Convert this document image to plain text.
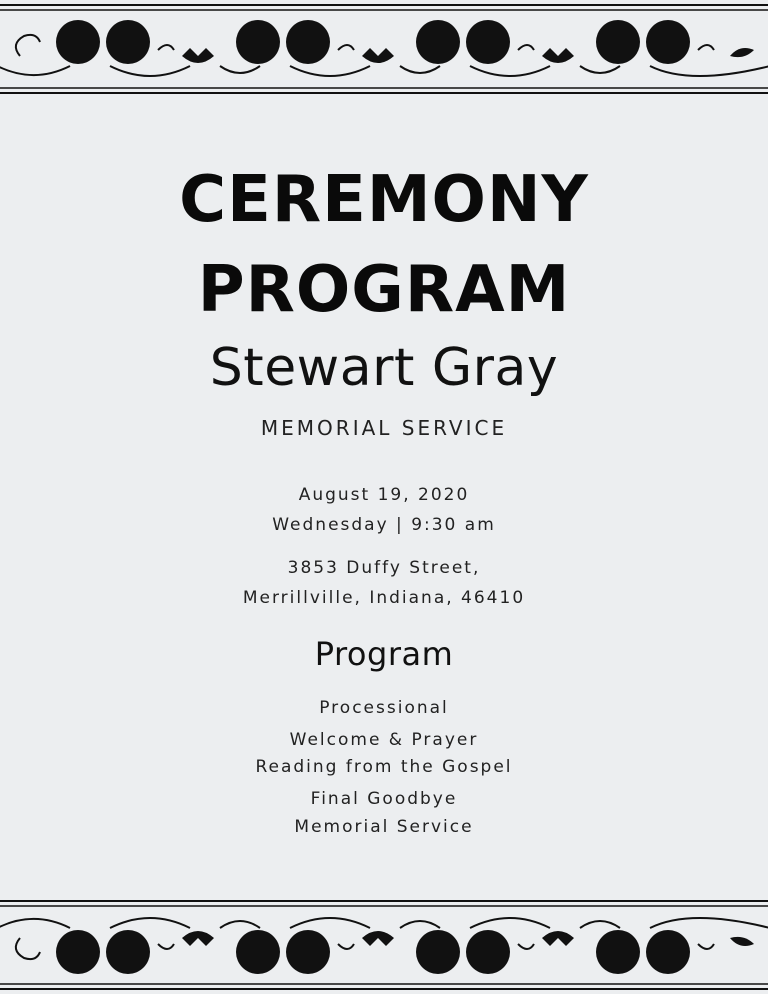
CEREMONY

PROGRAM

Stewart Gray

MEMORIAL SERVICE

August 19, 2020

Wednesday | 9:30 am

3853 Duffy Street,

Merrillville, Indiana, 46410

Program

Processional

Welcome & Prayer

Reading from the Gospel

Final Goodbye

Memorial Service
